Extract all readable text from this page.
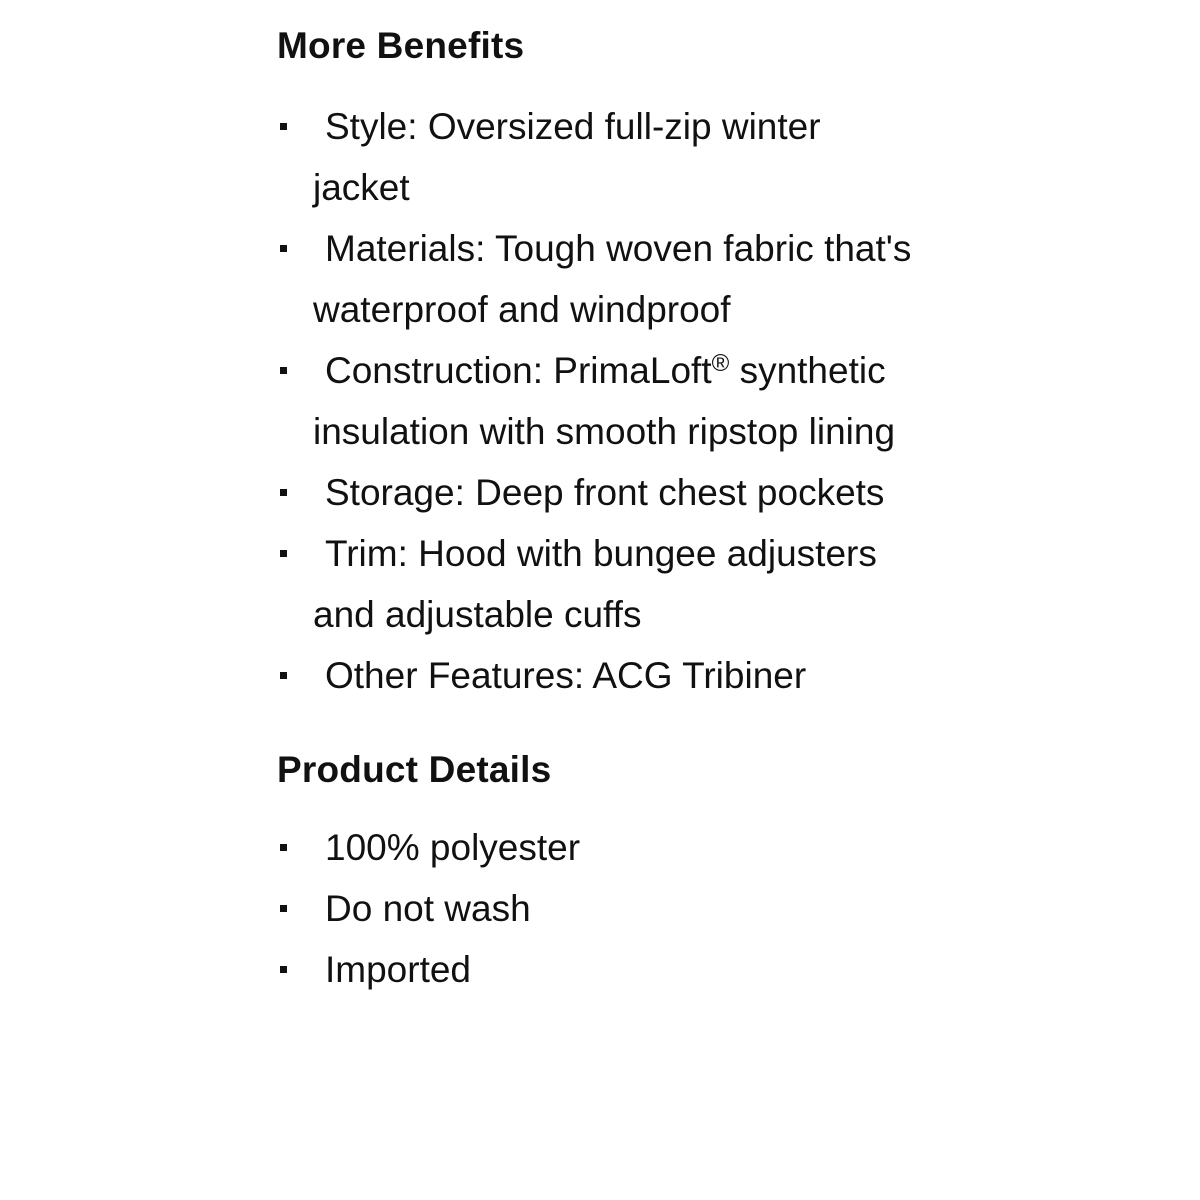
More Benefits
Style: Oversized full-zip winter jacket
Materials: Tough woven fabric that's waterproof and windproof
Construction: PrimaLoft® synthetic insulation with smooth ripstop lining
Storage: Deep front chest pockets
Trim: Hood with bungee adjusters and adjustable cuffs
Other Features: ACG Tribiner
Product Details
100% polyester
Do not wash
Imported
